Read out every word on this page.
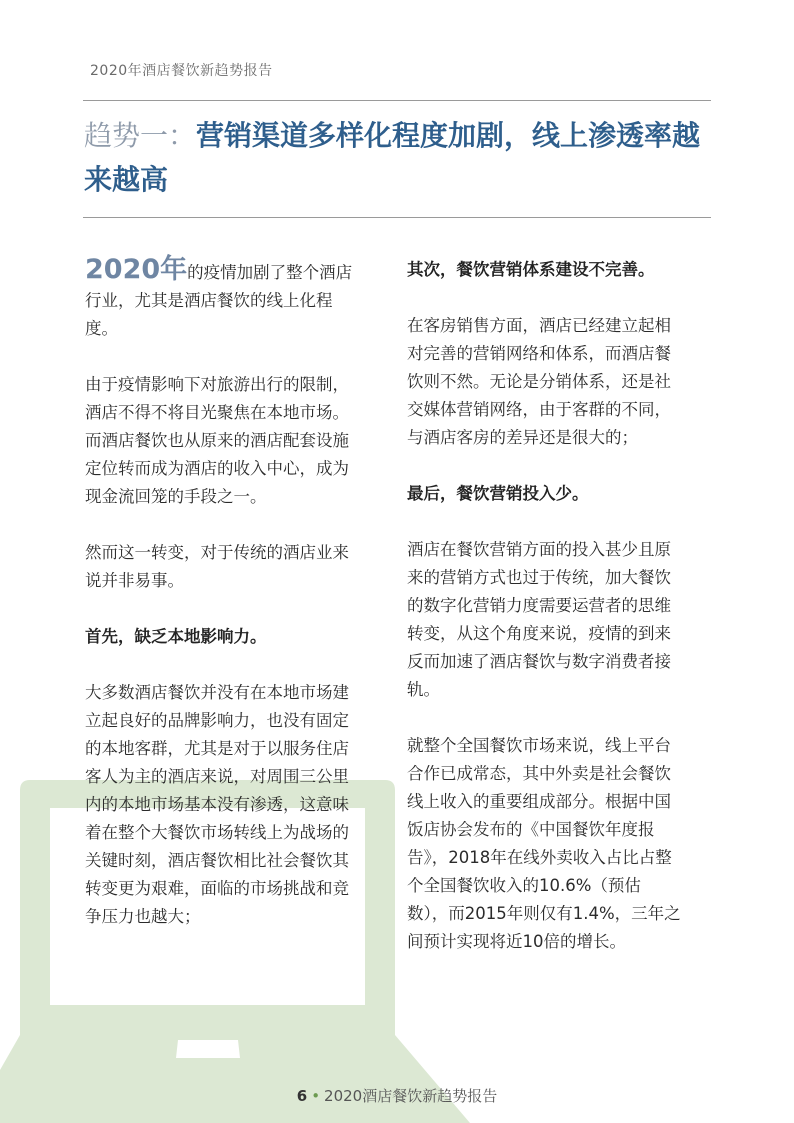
2020年酒店餐饮新趋势报告
趋势一：营销渠道多样化程度加剧，线上渗透率越来越高

2020年的疫情加剧了整个酒店行业，尤其是酒店餐饮的线上化程度。

由于疫情影响下对旅游出行的限制，酒店不得不将目光聚焦在本地市场。而酒店餐饮也从原来的酒店配套设施定位转而成为酒店的收入中心，成为现金流回笼的手段之一。

然而这一转变，对于传统的酒店业来说并非易事。

首先，缺乏本地影响力。

大多数酒店餐饮并没有在本地市场建立起良好的品牌影响力，也没有固定的本地客群，尤其是对于以服务住店客人为主的酒店来说，对周围三公里内的本地市场基本没有渗透，这意味着在整个大餐饮市场转线上为战场的关键时刻，酒店餐饮相比社会餐饮其转变更为艰难，面临的市场挑战和竞争压力也越大；

其次，餐饮营销体系建设不完善。

在客房销售方面，酒店已经建立起相对完善的营销网络和体系，而酒店餐饮则不然。无论是分销体系，还是社交媒体营销网络，由于客群的不同，与酒店客房的差异还是很大的；

最后，餐饮营销投入少。

酒店在餐饮营销方面的投入甚少且原来的营销方式也过于传统，加大餐饮的数字化营销力度需要运营者的思维转变，从这个角度来说，疫情的到来反而加速了酒店餐饮与数字消费者接轨。

就整个全国餐饮市场来说，线上平台合作已成常态，其中外卖是社会餐饮线上收入的重要组成部分。根据中国饭店协会发布的《中国餐饮年度报告》，2018年在线外卖收入占比占整个全国餐饮收入的10.6%（预估数），而2015年则仅有1.4%，三年之间预计实现将近10倍的增长。

6 • 2020酒店餐饮新趋势报告
